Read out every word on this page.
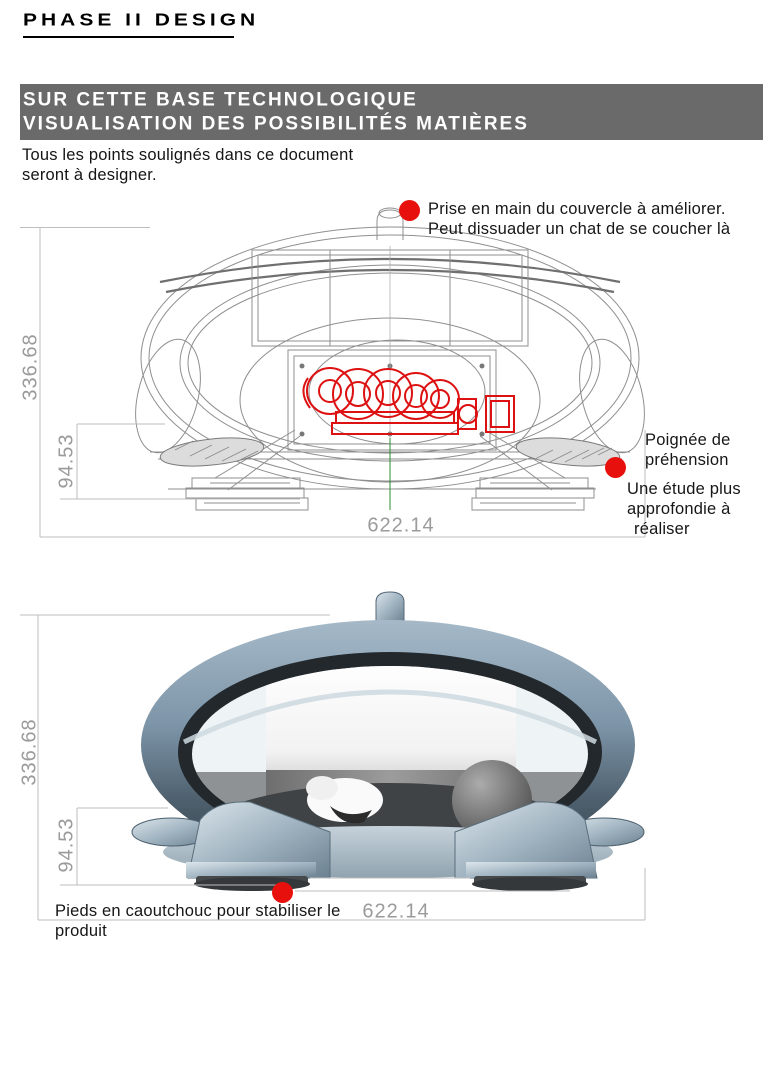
PHASE II DESIGN
SUR CETTE BASE TECHNOLOGIQUE
VISUALISATION DES POSSIBILITÉS MATIÈRES
Tous les points soulignés dans ce document
seront à designer.
Prise en main du couvercle à améliorer.
Peut dissuader un chat de se coucher là
Poignée de
préhension
Une étude plus
approfondie à
réaliser
336.68
94.53
622.14
Pieds en caoutchouc pour stabiliser le
produit
336.68
94.53
622.14
